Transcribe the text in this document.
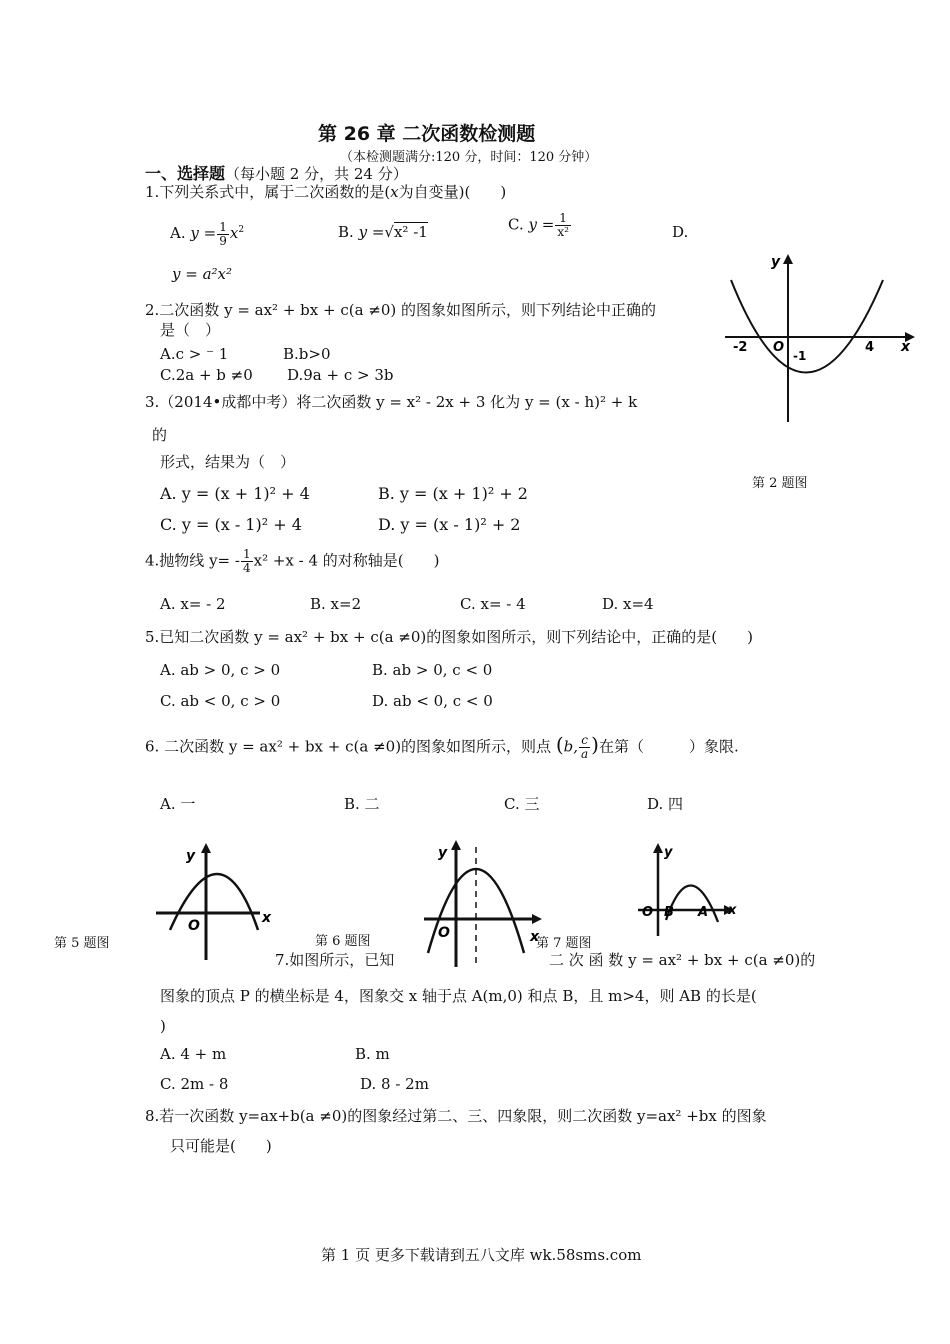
第 26 章 二次函数检测题
（本检测题满分:120 分，时间：120 分钟）
一、选择题（每小题 2 分，共 24 分）
1.下列关系式中，属于二次函数的是(x为自变量)(　　)
A. $y = \frac{1}{9} x^2$	B. y =√x² -1	C. $y = \frac{1}{\text{x²}}$	D.
y = a²x²
2.二次函数 y = ax² + bx + c(a ≠0) 的图象如图所示，则下列结论中正确的
是（　）
A.c > ⁻ 1	B.b>0
C.2a + b ≠0 D.9a + c > 3b
y
x
-2 O
-1
4
第 2 题图
3.（2014•成都中考）将二次函数 y = x² - 2x + 3 化为 y = (x - h)² + k
的
形式，结果为（　）
A. y = (x + 1)² + 4	B. y = (x + 1)² + 2
C. y = (x - 1)² + 4	D. y = (x - 1)² + 2
4.抛物线 $y= - \frac{1}{4} x^2 +x - 4$ 的对称轴是(　　)
A. x= - 2	B. x=2	C. x= - 4	D. x=4
5.已知二次函数 y = ax² + bx + c(a ≠0)的图象如图所示，则下列结论中，正确的是(　　)
A. ab > 0, c > 0	B. ab > 0, c < 0
C. ab < 0, c > 0	D. ab < 0, c < 0
6. 二次函数 y = ax² + bx + c(a ≠0)的图象如图所示，则点 (b, $\frac{c}{a}$ )在第（　　　）象限.
A. 一	B. 二	C. 三	D. 四
y
x
O
第 5 题图
y
x
O
第 6 题图
y
x
O B A
第 7 题图
7.如图所示，已知	二 次 函 数 y = ax² + bx + c(a ≠0)的
图象的顶点 P 的横坐标是 4，图象交 x 轴于点 A(m,0) 和点 B，且 m>4，则 AB 的长是(
)
A. 4 + m	B. m
C. 2m - 8	D. 8 - 2m
8.若一次函数 y=ax+b(a ≠0)的图象经过第二、三、四象限，则二次函数 y=ax² +bx 的图象
只可能是(　　)
第 1 页 更多下载请到五八文库 wk.58sms.com
